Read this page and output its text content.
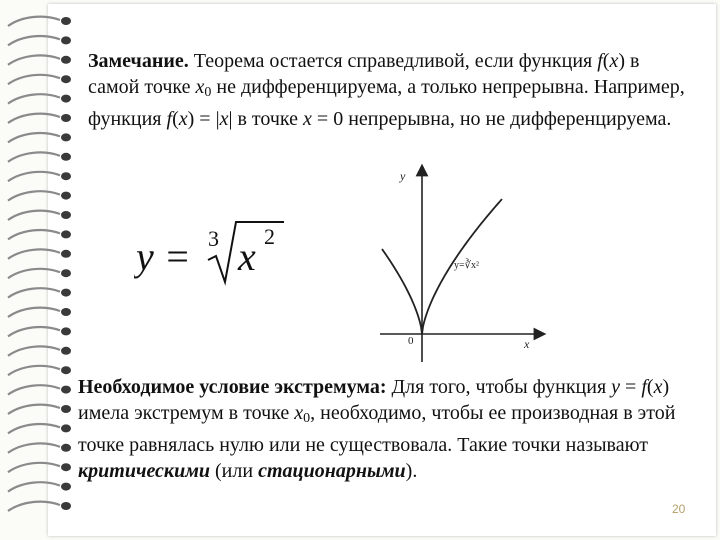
Замечание. Теорема остается справедливой, если функция f(x) в самой точке $x_0$ не дифференцируема, а только непрерывна. Например, функция f(x) = |x| в точке x = 0 непрерывна, но не дифференцируема.
y = 3 x 2
y
x
0
y=∛x²
Необходимое условие экстремума: Для того, чтобы функция y = f(x) имела экстремум в точке $x_0$, необходимо, чтобы ее производная в этой точке равнялась нулю или не существовала. Такие точки называют критическими (или стационарными).
20
